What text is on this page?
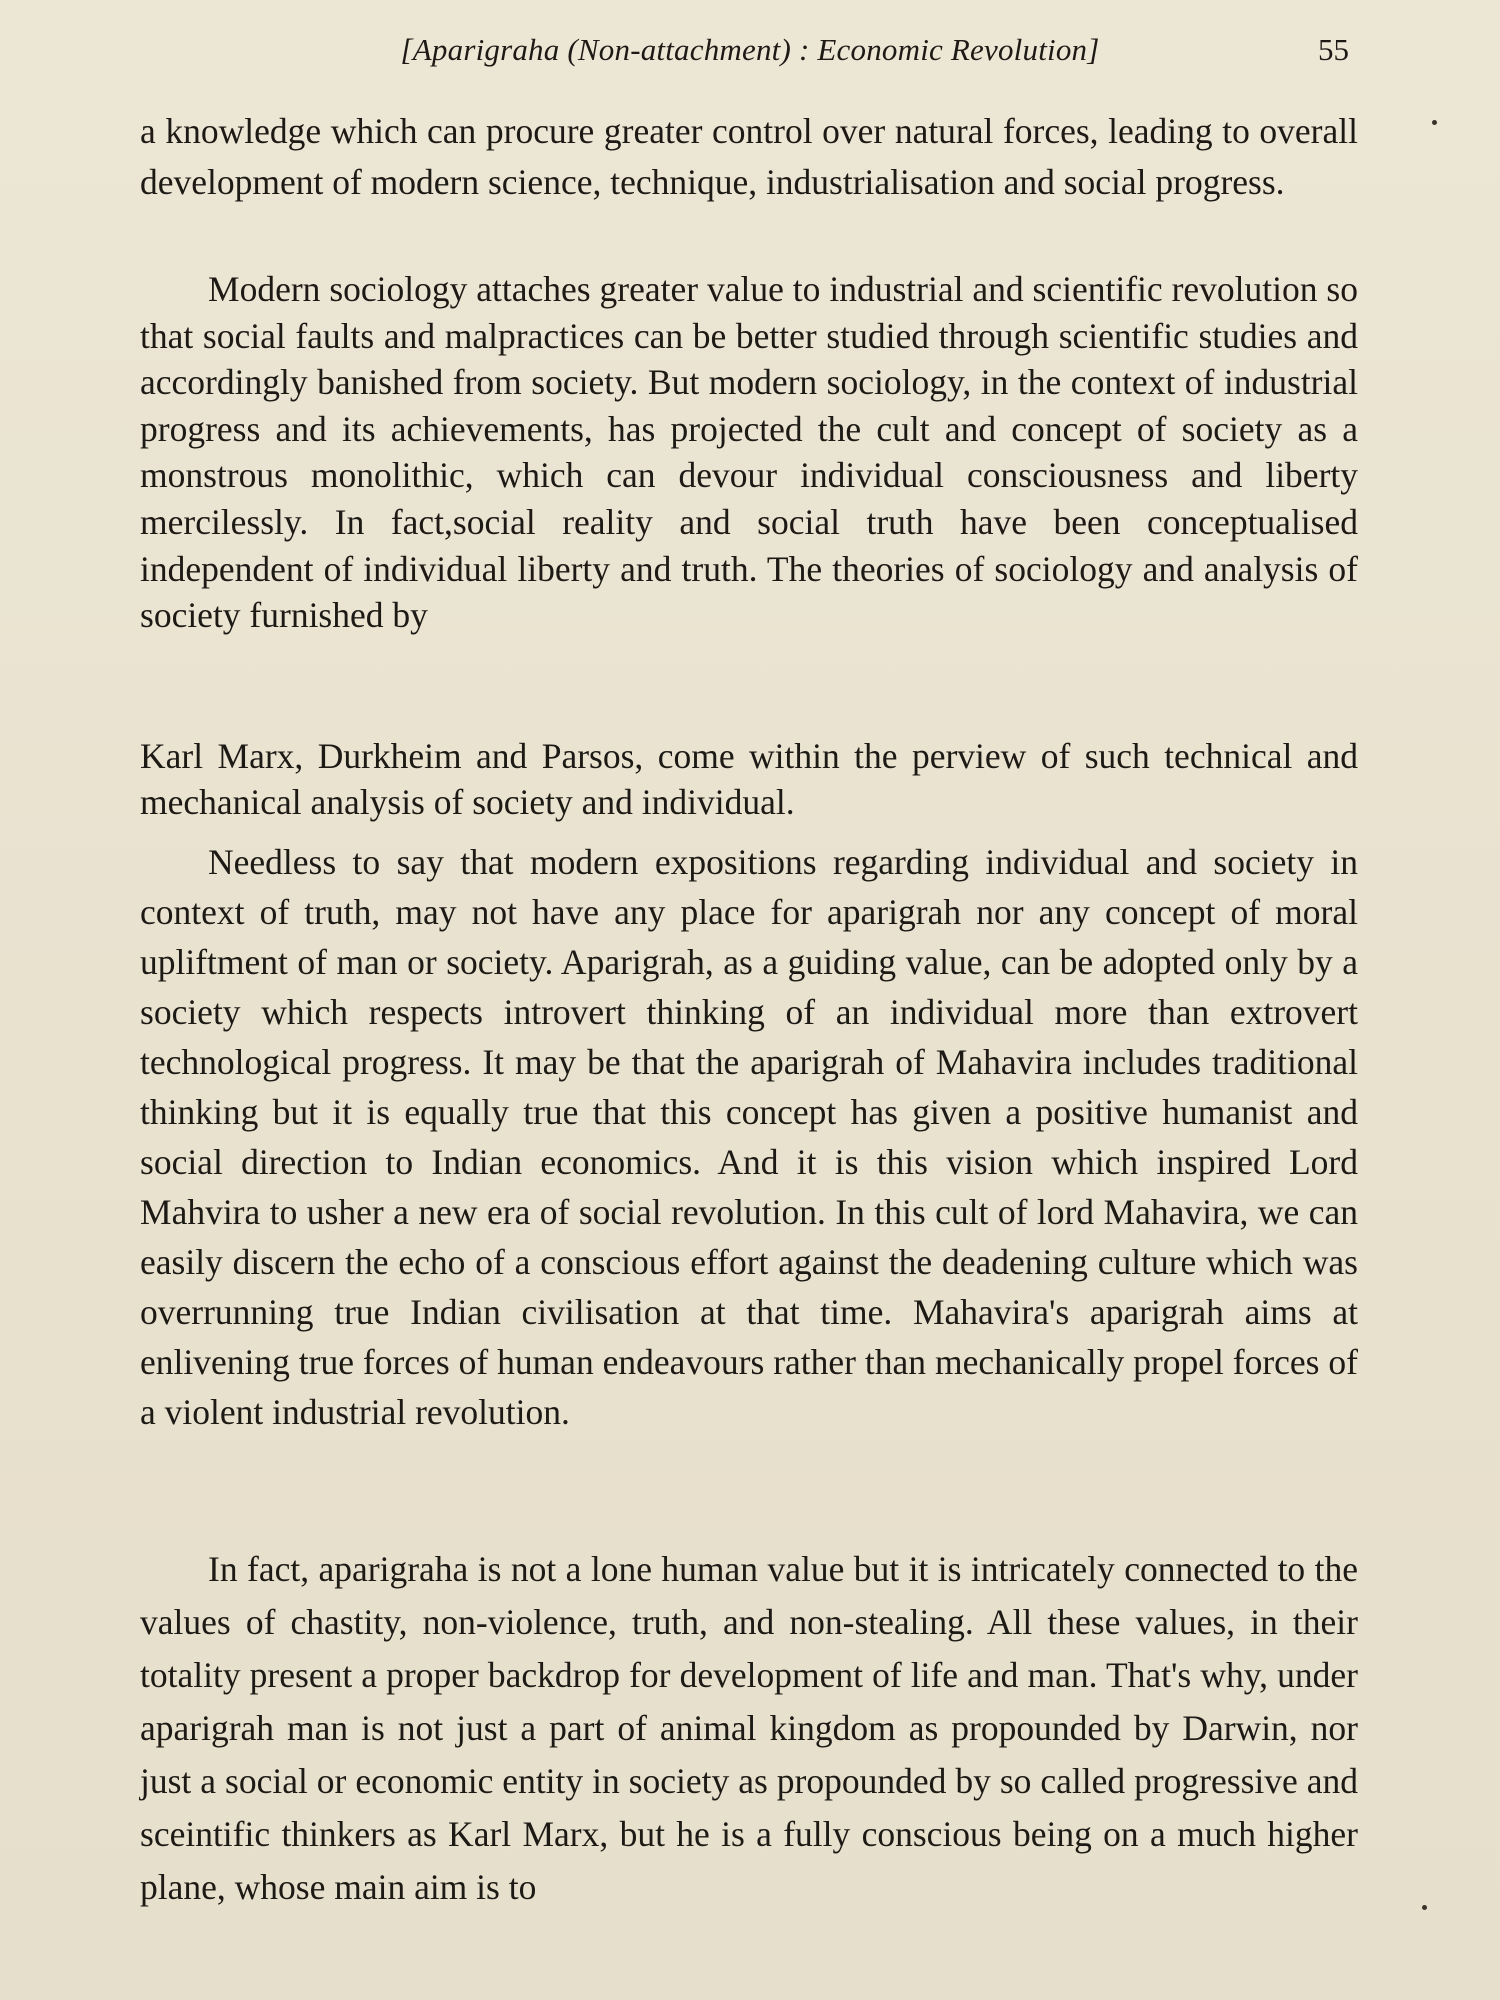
[Aparigraha (Non-attachment) : Economic Revolution]	55
a knowledge which can procure greater control over natural forces, leading to overall development of modern science, technique, industrialisation and social progress.
Modern sociology attaches greater value to industrial and scientific revolution so that social faults and malpractices can be better studied through scientific studies and accordingly banished from society. But modern sociology, in the context of industrial progress and its achievements, has projected the cult and concept of society as a monstrous monolithic, which can devour individual consciousness and liberty mercilessly. In fact,social reality and social truth have been conceptualised independent of individual liberty and truth. The theories of sociology and analysis of society furnished by
Karl Marx, Durkheim and Parsos, come within the perview of such technical and mechanical analysis of society and individual.
Needless to say that modern expositions regarding individual and society in context of truth, may not have any place for aparigrah nor any concept of moral upliftment of man or society. Aparigrah, as a guiding value, can be adopted only by a society which respects introvert thinking of an individual more than extrovert technological progress. It may be that the aparigrah of Mahavira includes traditional thinking but it is equally true that this concept has given a positive humanist and social direction to Indian economics. And it is this vision which inspired Lord Mahvira to usher a new era of social revolution. In this cult of lord Mahavira, we can easily discern the echo of a conscious effort against the deadening culture which was overrunning true Indian civilisation at that time. Mahavira's aparigrah aims at enlivening true forces of human endeavours rather than mechanically propel forces of a violent industrial revolution.
In fact, aparigraha is not a lone human value but it is intricately connected to the values of chastity, non-violence, truth, and non-stealing. All these values, in their totality present a proper backdrop for development of life and man. That's why, under aparigrah man is not just a part of animal kingdom as propounded by Darwin, nor just a social or economic entity in society as propounded by so called progressive and sceintific thinkers as Karl Marx, but he is a fully conscious being on a much higher plane, whose main aim is to
